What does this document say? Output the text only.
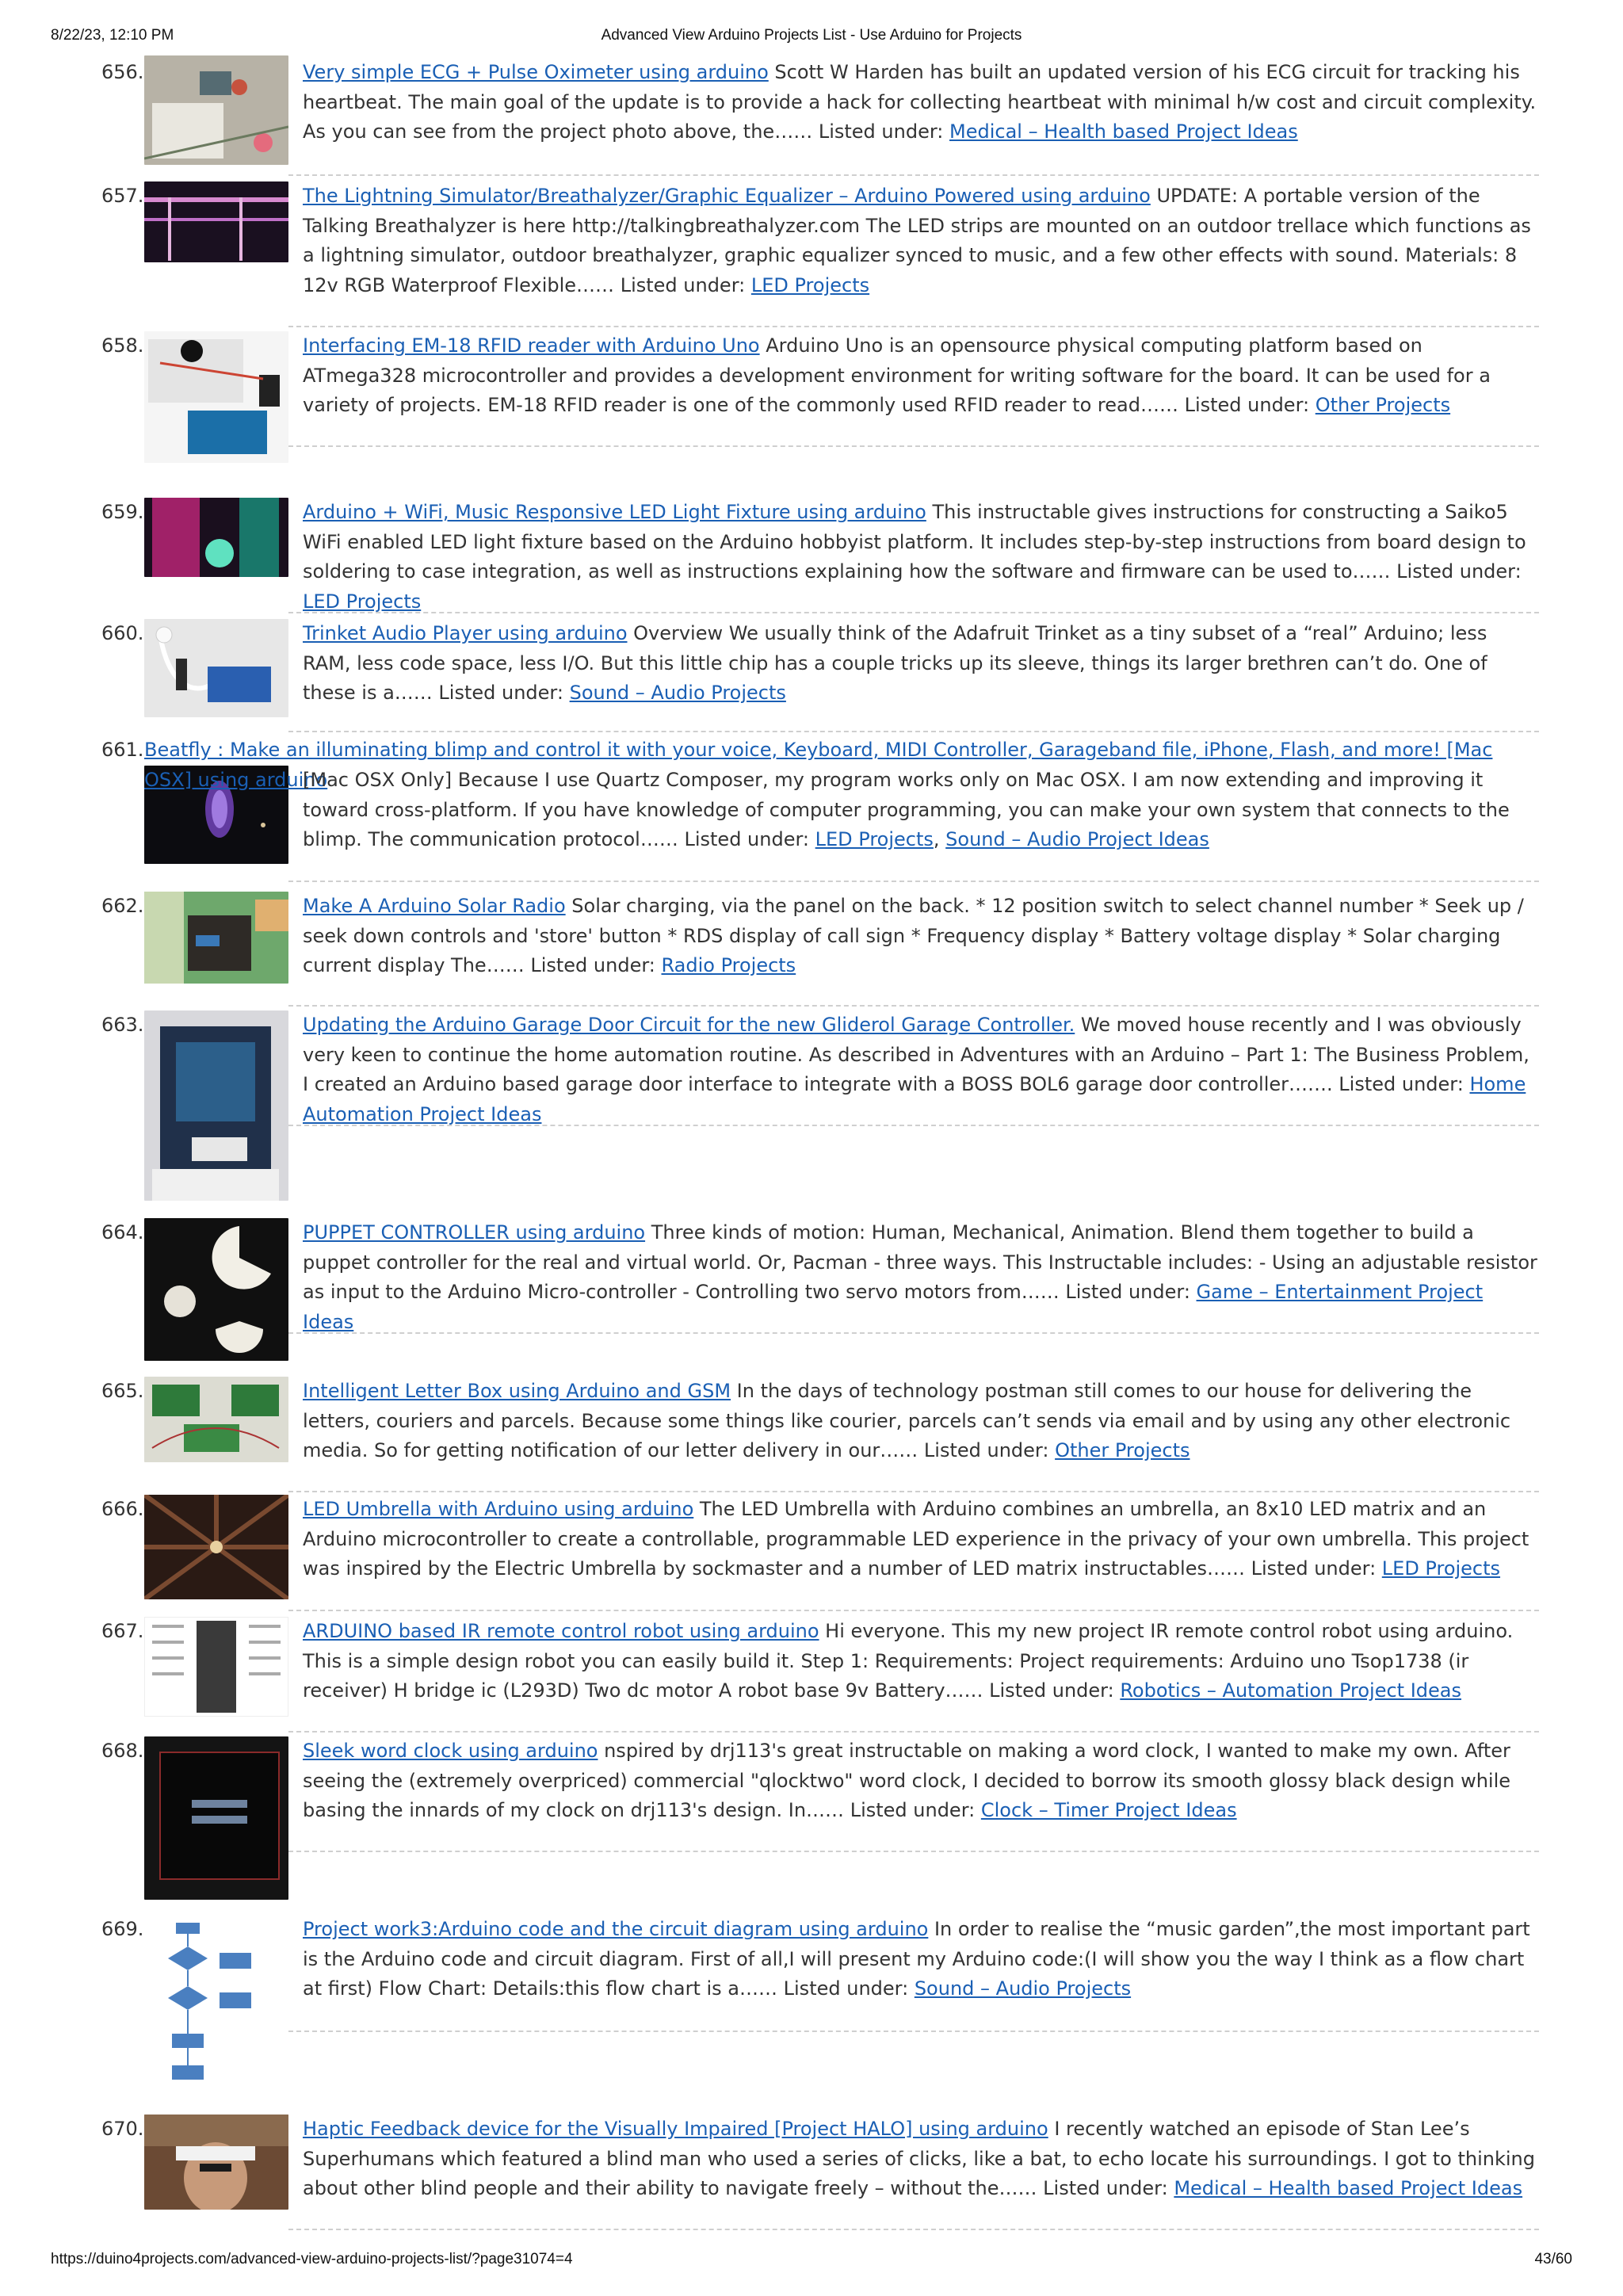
8/22/23, 12:10 PM	Advanced View Arduino Projects List - Use Arduino for Projects
656.	Very simple ECG + Pulse Oximeter using arduino Scott W Harden has built an updated version of his ECG circuit for tracking his heartbeat. The main goal of the update is to provide a hack for collecting heartbeat with minimal h/w cost and circuit complexity. As you can see from the project photo above, the…… Listed under: Medical – Health based Project Ideas
657.	The Lightning Simulator/Breathalyzer/Graphic Equalizer – Arduino Powered using arduino UPDATE: A portable version of the Talking Breathalyzer is here http://talkingbreathalyzer.com The LED strips are mounted on an outdoor trellace which functions as a lightning simulator, outdoor breathalyzer, graphic equalizer synced to music, and a few other effects with sound. Materials: 8 12v RGB Waterproof Flexible…… Listed under: LED Projects
658.	Interfacing EM-18 RFID reader with Arduino Uno Arduino Uno is an opensource physical computing platform based on ATmega328 microcontroller and provides a development environment for writing software for the board. It can be used for a variety of projects. EM-18 RFID reader is one of the commonly used RFID reader to read…… Listed under: Other Projects
659.	Arduino + WiFi, Music Responsive LED Light Fixture using arduino This instructable gives instructions for constructing a Saiko5 WiFi enabled LED light fixture based on the Arduino hobbyist platform. It includes step-by-step instructions from board design to soldering to case integration, as well as instructions explaining how the software and firmware can be used to…… Listed under: LED Projects
660.	Trinket Audio Player using arduino Overview We usually think of the Adafruit Trinket as a tiny subset of a “real” Arduino; less RAM, less code space, less I/O. But this little chip has a couple tricks up its sleeve, things its larger brethren can’t do. One of these is a…… Listed under: Sound – Audio Projects
661. Beatfly : Make an illuminating blimp and control it with your voice, Keyboard, MIDI Controller, Garageband file, iPhone, Flash, and more! [Mac OSX] using arduino
[Mac OSX Only] Because I use Quartz Composer, my program works only on Mac OSX. I am now extending and improving it toward cross-platform. If you have knowledge of computer programming, you can make your own system that connects to the blimp. The communication protocol…… Listed under: LED Projects, Sound – Audio Project Ideas
662.	Make A Arduino Solar Radio Solar charging, via the panel on the back. * 12 position switch to select channel number * Seek up / seek down controls and 'store' button * RDS display of call sign * Frequency display * Battery voltage display * Solar charging current display The…… Listed under: Radio Projects
663.	Updating the Arduino Garage Door Circuit for the new Gliderol Garage Controller. We moved house recently and I was obviously very keen to continue the home automation routine. As described in Adventures with an Arduino – Part 1: The Business Problem, I created an Arduino based garage door interface to integrate with a BOSS BOL6 garage door controller……. Listed under: Home Automation Project Ideas
664.	PUPPET CONTROLLER using arduino Three kinds of motion: Human, Mechanical, Animation. Blend them together to build a puppet controller for the real and virtual world. Or, Pacman - three ways. This Instructable includes: - Using an adjustable resistor as input to the Arduino Micro-controller - Controlling two servo motors from…… Listed under: Game – Entertainment Project Ideas
665.	Intelligent Letter Box using Arduino and GSM In the days of technology postman still comes to our house for delivering the letters, couriers and parcels. Because some things like courier, parcels can’t sends via email and by using any other electronic media. So for getting notification of our letter delivery in our…… Listed under: Other Projects
666.	LED Umbrella with Arduino using arduino The LED Umbrella with Arduino combines an umbrella, an 8x10 LED matrix and an Arduino microcontroller to create a controllable, programmable LED experience in the privacy of your own umbrella. This project was inspired by the Electric Umbrella by sockmaster and a number of LED matrix instructables…… Listed under: LED Projects
667.	ARDUINO based IR remote control robot using arduino Hi everyone. This my new project IR remote control robot using arduino. This is a simple design robot you can easily build it. Step 1: Requirements: Project requirements: Arduino uno Tsop1738 (ir receiver) H bridge ic (L293D) Two dc motor A robot base 9v Battery…… Listed under: Robotics – Automation Project Ideas
668.	Sleek word clock using arduino nspired by drj113's great instructable on making a word clock, I wanted to make my own. After seeing the (extremely overpriced) commercial "qlocktwo" word clock, I decided to borrow its smooth glossy black design while basing the innards of my clock on drj113's design. In…… Listed under: Clock – Timer Project Ideas
669.	Project work3:Arduino code and the circuit diagram using arduino In order to realise the “music garden”,the most important part is the Arduino code and circuit diagram. First of all,I will present my Arduino code:(I will show you the way I think as a flow chart at first) Flow Chart: Details:this flow chart is a…… Listed under: Sound – Audio Projects
670.	Haptic Feedback device for the Visually Impaired [Project HALO] using arduino I recently watched an episode of Stan Lee’s Superhumans which featured a blind man who used a series of clicks, like a bat, to echo locate his surroundings. I got to thinking about other blind people and their ability to navigate freely – without the…… Listed under: Medical – Health based Project Ideas
https://duino4projects.com/advanced-view-arduino-projects-list/?page31074=4	43/60
